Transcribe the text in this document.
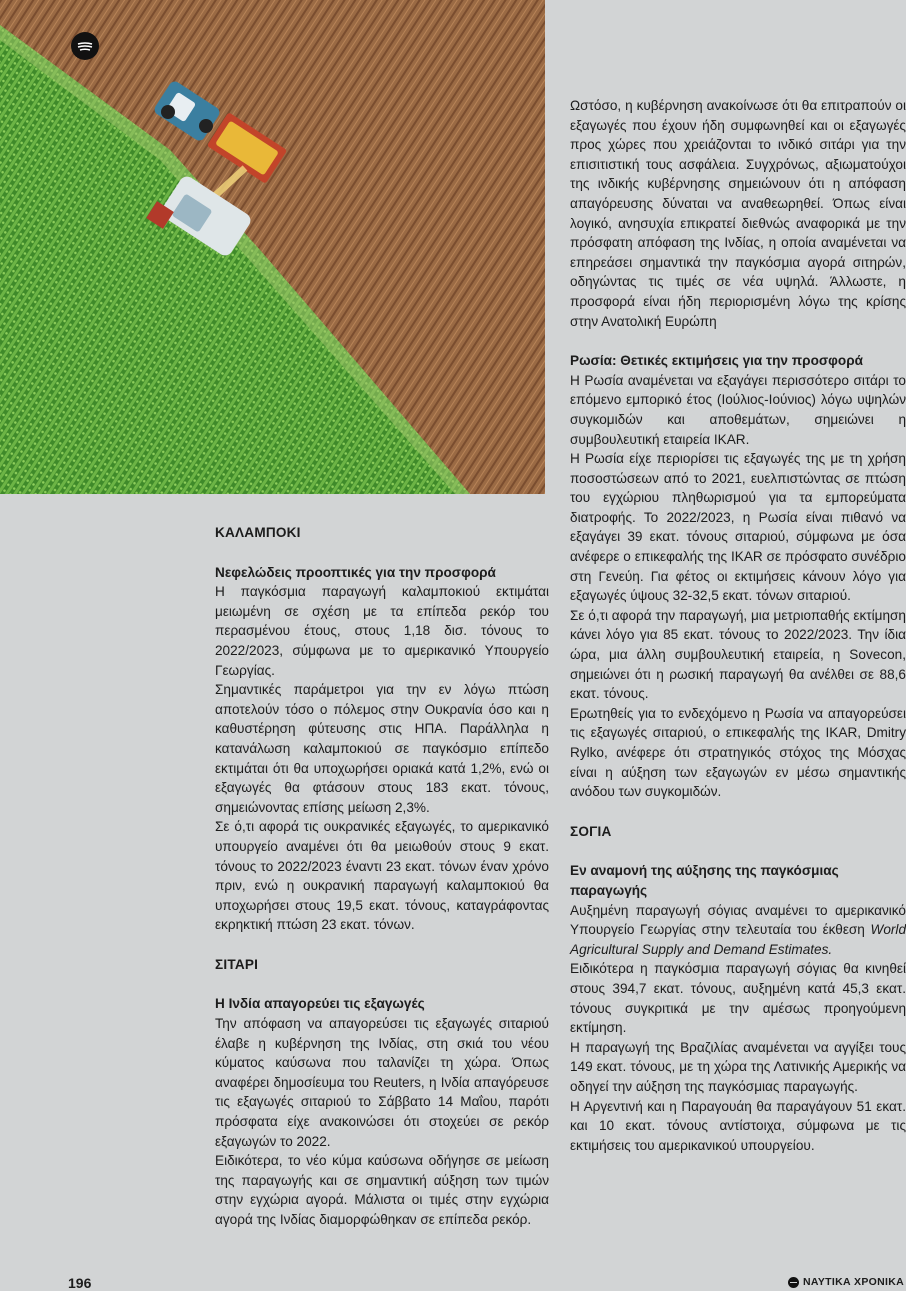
ΚΑΛΑΜΠΟΚΙ

Νεφελώδεις προοπτικές για την προσφορά

Η παγκόσμια παραγωγή καλαμποκιού εκτιμάται μειωμένη σε σχέση με τα επίπεδα ρεκόρ του περασμένου έτους, στους 1,18 δισ. τόνους το 2022/2023, σύμφωνα με το αμερικανικό Υπουργείο Γεωργίας.

Σημαντικές παράμετροι για την εν λόγω πτώση αποτελούν τόσο ο πόλεμος στην Ουκρανία όσο και η καθυστέρηση φύτευσης στις ΗΠΑ. Παράλληλα η κατανάλωση καλαμποκιού σε παγκόσμιο επίπεδο εκτιμάται ότι θα υποχωρήσει οριακά κατά 1,2%, ενώ οι εξαγωγές θα φτάσουν στους 183 εκατ. τόνους, σημειώνοντας επίσης μείωση 2,3%.

Σε ό,τι αφορά τις ουκρανικές εξαγωγές, το αμερικανικό υπουργείο αναμένει ότι θα μειωθούν στους 9 εκατ. τόνους το 2022/2023 έναντι 23 εκατ. τόνων έναν χρόνο πριν, ενώ η ουκρανική παραγωγή καλαμποκιού θα υποχωρήσει στους 19,5 εκατ. τόνους, καταγράφοντας εκρηκτική πτώση 23 εκατ. τόνων.

ΣΙΤΑΡΙ

Η Ινδία απαγορεύει τις εξαγωγές

Την απόφαση να απαγορεύσει τις εξαγωγές σιταριού έλαβε η κυβέρνηση της Ινδίας, στη σκιά του νέου κύματος καύσωνα που ταλανίζει τη χώρα. Όπως αναφέρει δημοσίευμα του Reuters, η Ινδία απαγόρευσε τις εξαγωγές σιταριού το Σάββατο 14 Μαΐου, παρότι πρόσφατα είχε ανακοινώσει ότι στοχεύει σε ρεκόρ εξαγωγών το 2022.

Ειδικότερα, το νέο κύμα καύσωνα οδήγησε σε μείωση της παραγωγής και σε σημαντική αύξηση των τιμών στην εγχώρια αγορά. Μάλιστα οι τιμές στην εγχώρια αγορά της Ινδίας διαμορφώθηκαν σε επίπεδα ρεκόρ.

Ωστόσο, η κυβέρνηση ανακοίνωσε ότι θα επιτραπούν οι εξαγωγές που έχουν ήδη συμφωνηθεί και οι εξαγωγές προς χώρες που χρειάζονται το ινδικό σιτάρι για την επισιτιστική τους ασφάλεια. Συγχρόνως, αξιωματούχοι της ινδικής κυβέρνησης σημειώνουν ότι η απόφαση απαγόρευσης δύναται να αναθεωρηθεί. Όπως είναι λογικό, ανησυχία επικρατεί διεθνώς αναφορικά με την πρόσφατη απόφαση της Ινδίας, η οποία αναμένεται να επηρεάσει σημαντικά την παγκόσμια αγορά σιτηρών, οδηγώντας τις τιμές σε νέα υψηλά. Άλλωστε, η προσφορά είναι ήδη περιορισμένη λόγω της κρίσης στην Ανατολική Ευρώπη

Ρωσία: Θετικές εκτιμήσεις για την προσφορά

Η Ρωσία αναμένεται να εξαγάγει περισσότερο σιτάρι το επόμενο εμπορικό έτος (Ιούλιος-Ιούνιος) λόγω υψηλών συγκομιδών και αποθεμάτων, σημειώνει η συμβουλευτική εταιρεία IKAR.

Η Ρωσία είχε περιορίσει τις εξαγωγές της με τη χρήση ποσοστώσεων από το 2021, ευελπιστώντας σε πτώση του εγχώριου πληθωρισμού για τα εμπορεύματα διατροφής. Το 2022/2023, η Ρωσία είναι πιθανό να εξαγάγει 39 εκατ. τόνους σιταριού, σύμφωνα με όσα ανέφερε ο επικεφαλής της IKAR σε πρόσφατο συνέδριο στη Γενεύη. Για φέτος οι εκτιμήσεις κάνουν λόγο για εξαγωγές ύψους 32-32,5 εκατ. τόνων σιταριού.

Σε ό,τι αφορά την παραγωγή, μια μετριοπαθής εκτίμηση κάνει λόγο για 85 εκατ. τόνους το 2022/2023. Την ίδια ώρα, μια άλλη συμβουλευτική εταιρεία, η Sovecon, σημειώνει ότι η ρωσική παραγωγή θα ανέλθει σε 88,6 εκατ. τόνους.

Ερωτηθείς για το ενδεχόμενο η Ρωσία να απαγορεύσει τις εξαγωγές σιταριού, ο επικεφαλής της IKAR, Dmitry Rylko, ανέφερε ότι στρατηγικός στόχος της Μόσχας είναι η αύξηση των εξαγωγών εν μέσω σημαντικής ανόδου των συγκομιδών.

ΣΟΓΙΑ

Εν αναμονή της αύξησης της παγκόσμιας παραγωγής

Αυξημένη παραγωγή σόγιας αναμένει το αμερικανικό Υπουργείο Γεωργίας στην τελευταία του έκθεση World Agricultural Supply and Demand Estimates.

Ειδικότερα η παγκόσμια παραγωγή σόγιας θα κινηθεί στους 394,7 εκατ. τόνους, αυξημένη κατά 45,3 εκατ. τόνους συγκριτικά με την αμέσως προηγούμενη εκτίμηση.

Η παραγωγή της Βραζιλίας αναμένεται να αγγίξει τους 149 εκατ. τόνους, με τη χώρα της Λατινικής Αμερικής να οδηγεί την αύξηση της παγκόσμιας παραγωγής.

Η Αργεντινή και η Παραγουάη θα παραγάγουν 51 εκατ. και 10 εκατ. τόνους αντίστοιχα, σύμφωνα με τις εκτιμήσεις του αμερικανικού υπουργείου.

196	ΝΑΥΤΙΚΑ ΧΡΟΝΙΚΑ
